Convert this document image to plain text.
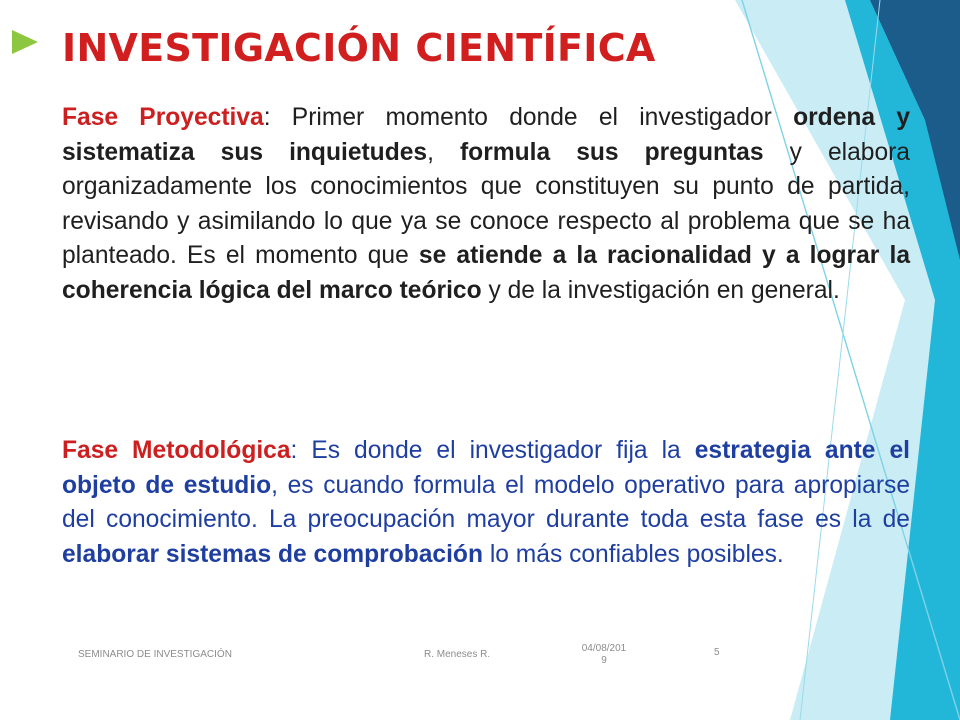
INVESTIGACIÓN CIENTÍFICA

Fase Proyectiva: Primer momento donde el investigador ordena y sistematiza sus inquietudes, formula sus preguntas y elabora organizadamente los conocimientos que constituyen su punto de partida, revisando y asimilando lo que ya se conoce respecto al problema que se ha planteado. Es el momento que se atiende a la racionalidad y a lograr la coherencia lógica del marco teórico y de la investigación en general.

Fase Metodológica: Es donde el investigador fija la estrategia ante el objeto de estudio, es cuando formula el modelo operativo para apropiarse del conocimiento. La preocupación mayor durante toda esta fase es la de elaborar sistemas de comprobación lo más confiables posibles.

SEMINARIO DE INVESTIGACIÓN	R. Meneses R.
04/08/2019
5
